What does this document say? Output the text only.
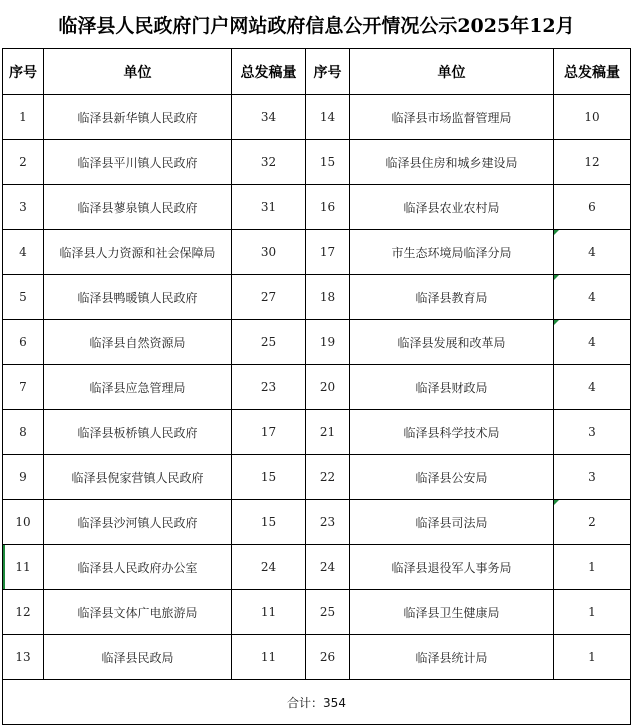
临泽县人民政府门户网站政府信息公开情况公示2025年12月
序号	单位	总发稿量	序号	单位	总发稿量
1	临泽县新华镇人民政府	34	14	临泽县市场监督管理局	10
2	临泽县平川镇人民政府	32	15	临泽县住房和城乡建设局	12
3	临泽县蓼泉镇人民政府	31	16	临泽县农业农村局	6
4	临泽县人力资源和社会保障局	30	17	市生态环境局临泽分局	4
5	临泽县鸭暖镇人民政府	27	18	临泽县教育局	4
6	临泽县自然资源局	25	19	临泽县发展和改革局	4
7	临泽县应急管理局	23	20	临泽县财政局	4
8	临泽县板桥镇人民政府	17	21	临泽县科学技术局	3
9	临泽县倪家营镇人民政府	15	22	临泽县公安局	3
10	临泽县沙河镇人民政府	15	23	临泽县司法局	2
11	临泽县人民政府办公室	24	24	临泽县退役军人事务局	1
12	临泽县文体广电旅游局	11	25	临泽县卫生健康局	1
13	临泽县民政局	11	26	临泽县统计局	1
合计：354					
